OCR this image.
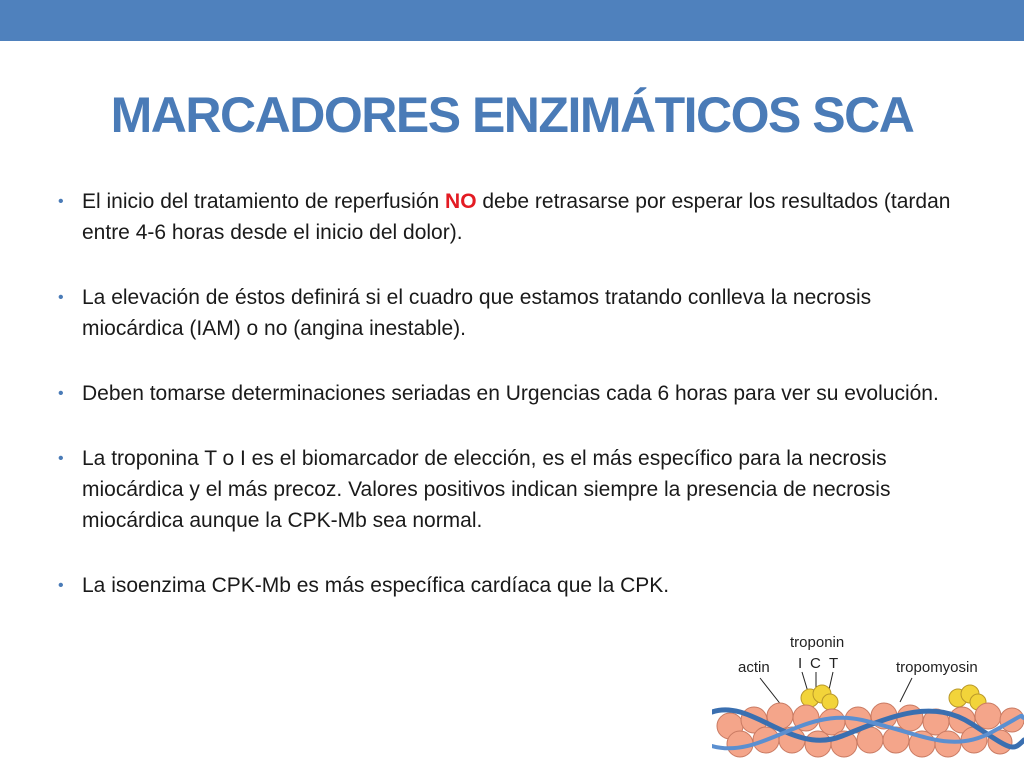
MARCADORES ENZIMÁTICOS SCA
• El inicio del tratamiento de reperfusión NO debe retrasarse por esperar los resultados (tardan entre 4-6 horas desde el inicio del dolor).
• La elevación de éstos definirá si el cuadro que estamos tratando conlleva la necrosis miocárdica (IAM) o no (angina inestable).
• Deben tomarse determinaciones seriadas en Urgencias cada 6 horas para ver su evolución.
• La troponina T o I es el biomarcador de elección, es el más específico para la necrosis miocárdica y el más precoz. Valores positivos indican siempre la presencia de necrosis miocárdica aunque la CPK-Mb sea normal.
• La isoenzima CPK-Mb es más específica cardíaca que la CPK.
troponin
I C T
actin	tropomyosin
